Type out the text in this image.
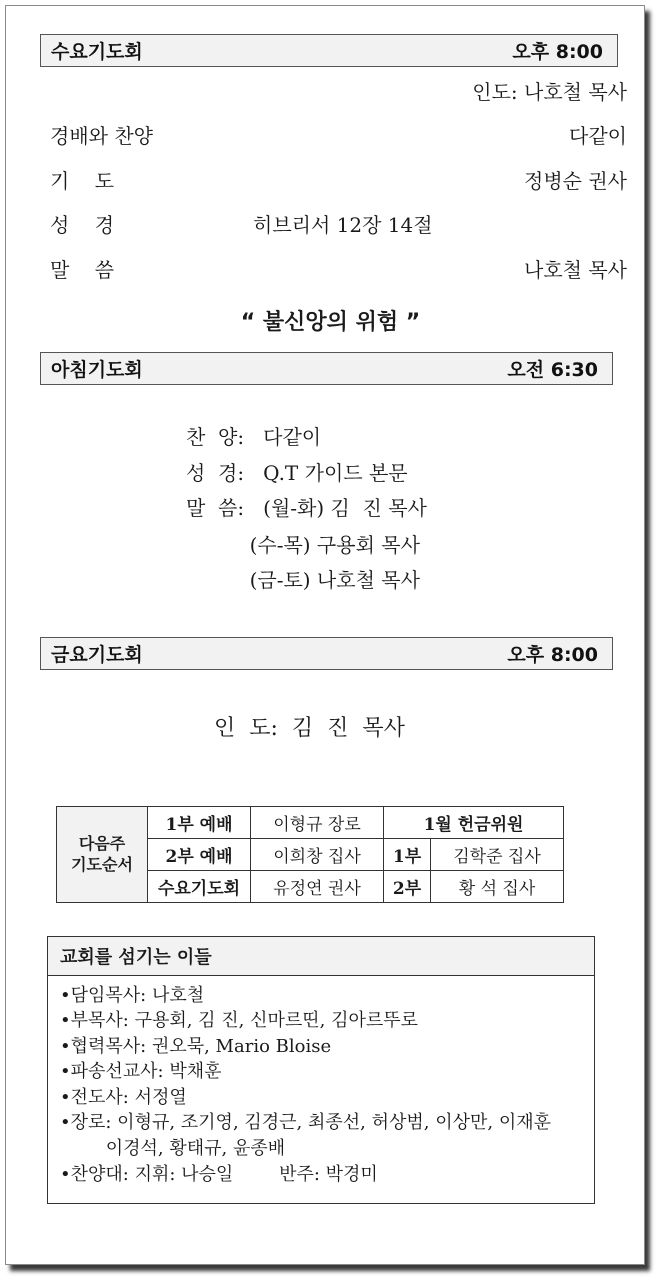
수요기도회	오후 8:00
인도: 나호철 목사
경배와 찬양	다같이
기    도	정병순 권사
성    경	히브리서 12장 14절
말    씀	나호철 목사
“ 불신앙의 위험 ”
아침기도회	오전 6:30
찬  양:   다같이
성  경:   Q.T 가이드 본문
말  씀:   (월-화) 김  진 목사
(수-목) 구용회 목사
(금-토) 나호철 목사
금요기도회	오후 8:00
인  도:  김  진  목사
다음주
기도순서	1부 예배	이형규 장로	1월 헌금위원	
	2부 예배	이희창 집사	1부	김학준 집사
	수요기도회	유정연 권사	2부	황 석 집사
교회를 섬기는 이들
•담임목사: 나호철
•부목사: 구용회, 김 진, 신마르띤, 김아르뚜로
•협력목사: 권오묵, Mario Bloise
•파송선교사: 박채훈
•전도사: 서정열
•장로: 이형규, 조기영, 김경근, 최종선, 허상범, 이상만, 이재훈
이경석, 황태규, 윤종배
•찬양대: 지휘: 나승일        반주: 박경미
